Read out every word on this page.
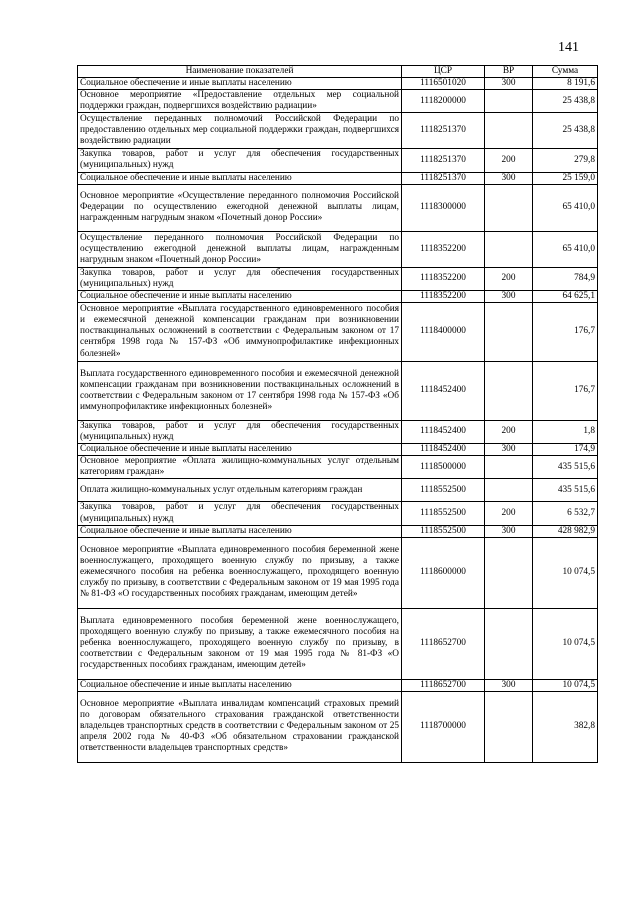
141
Наименование показателей	ЦСР	ВР	Сумма
Социальное обеспечение и иные выплаты населению	1116501020	300	8 191,6
Основное мероприятие «Предоставление отдельных мер социальной поддержки граждан, подвергшихся воздействию радиации»	1118200000		25 438,8
Осуществление переданных полномочий Российской Федерации по предоставлению отдельных мер социальной поддержки граждан, подвергшихся воздействию радиации	1118251370		25 438,8
Закупка товаров, работ и услуг для обеспечения государственных (муниципальных) нужд	1118251370	200	279,8
Социальное обеспечение и иные выплаты населению	1118251370	300	25 159,0
Основное мероприятие «Осуществление переданного полномочия Российской Федерации по осуществлению ежегодной денежной выплаты лицам, награжденным нагрудным знаком «Почетный донор России»	1118300000		65 410,0
Осуществление переданного полномочия Российской Федерации по осуществлению ежегодной денежной выплаты лицам, награжденным нагрудным знаком «Почетный донор России»	1118352200		65 410,0
Закупка товаров, работ и услуг для обеспечения государственных (муниципальных) нужд	1118352200	200	784,9
Социальное обеспечение и иные выплаты населению	1118352200	300	64 625,1
Основное мероприятие «Выплата государственного единовременного пособия и ежемесячной денежной компенсации гражданам при возникновении поствакцинальных осложнений в соответствии с Федеральным законом от 17 сентября 1998 года № 157-ФЗ «Об иммунопрофилактике инфекционных болезней»	1118400000		176,7
Выплата государственного единовременного пособия и ежемесячной денежной компенсации гражданам при возникновении поствакцинальных осложнений в соответствии с Федеральным законом от 17 сентября 1998 года № 157-ФЗ «Об иммунопрофилактике инфекционных болезней»	1118452400		176,7
Закупка товаров, работ и услуг для обеспечения государственных (муниципальных) нужд	1118452400	200	1,8
Социальное обеспечение и иные выплаты населению	1118452400	300	174,9
Основное мероприятие «Оплата жилищно-коммунальных услуг отдельным категориям граждан»	1118500000		435 515,6
Оплата жилищно-коммунальных услуг отдельным категориям граждан	1118552500		435 515,6
Закупка товаров, работ и услуг для обеспечения государственных (муниципальных) нужд	1118552500	200	6 532,7
Социальное обеспечение и иные выплаты населению	1118552500	300	428 982,9
Основное мероприятие «Выплата единовременного пособия беременной жене военнослужащего, проходящего военную службу по призыву, а также ежемесячного пособия на ребенка военнослужащего, проходящего военную службу по призыву, в соответствии с Федеральным законом от 19 мая 1995 года № 81-ФЗ «О государственных пособиях гражданам, имеющим детей»	1118600000		10 074,5
Выплата единовременного пособия беременной жене военнослужащего, проходящего военную службу по призыву, а также ежемесячного пособия на ребенка военнослужащего, проходящего военную службу по призыву, в соответствии с Федеральным законом от 19 мая 1995 года № 81-ФЗ «О государственных пособиях гражданам, имеющим детей»	1118652700		10 074,5
Социальное обеспечение и иные выплаты населению	1118652700	300	10 074,5
Основное мероприятие «Выплата инвалидам компенсаций страховых премий по договорам обязательного страхования гражданской ответственности владельцев транспортных средств в соответствии с Федеральным законом от 25 апреля 2002 года № 40-ФЗ «Об обязательном страховании гражданской ответственности владельцев транспортных средств»	1118700000		382,8
